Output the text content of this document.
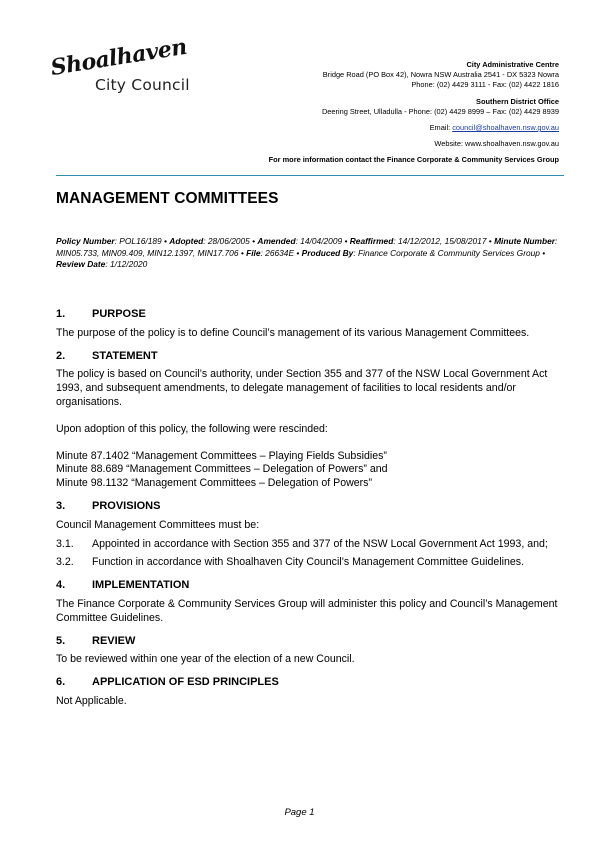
Shoalhaven
City Council
City Administrative Centre
Bridge Road (PO Box 42), Nowra NSW Australia 2541 - DX 5323 Nowra
Phone: (02) 4429 3111 - Fax: (02) 4422 1816
Southern District Office
Deering Street, Ulladulla - Phone: (02) 4429 8999 – Fax: (02) 4429 8939
Email: council@shoalhaven.nsw.gov.au
Website: www.shoalhaven.nsw.gov.au
For more information contact the Finance Corporate & Community Services Group
MANAGEMENT COMMITTEES
Policy Number: POL16/189 • Adopted: 28/06/2005 • Amended: 14/04/2009 • Reaffirmed: 14/12/2012, 15/08/2017 • Minute Number: MIN05.733, MIN09.409, MIN12.1397, MIN17.706 • File: 26634E • Produced By: Finance Corporate & Community Services Group • Review Date: 1/12/2020
1.	PURPOSE

The purpose of the policy is to define Council’s management of its various Management Committees.

2.	STATEMENT

The policy is based on Council’s authority, under Section 355 and 377 of the NSW Local Government Act 1993, and subsequent amendments, to delegate management of facilities to local residents and/or organisations.

Upon adoption of this policy, the following were rescinded:

Minute 87.1402 “Management Committees – Playing Fields Subsidies”

Minute 88.689 “Management Committees – Delegation of Powers” and

Minute 98.1132 “Management Committees – Delegation of Powers”

3.	PROVISIONS

Council Management Committees must be:

3.1.	Appointed in accordance with Section 355 and 377 of the NSW Local Government Act 1993, and;
3.2.	Function in accordance with Shoalhaven City Council’s Management Committee Guidelines.
4.	IMPLEMENTATION

The Finance Corporate & Community Services Group will administer this policy and Council’s Management Committee Guidelines.

5.	REVIEW

To be reviewed within one year of the election of a new Council.

6.	APPLICATION OF ESD PRINCIPLES

Not Applicable.

Page 1
